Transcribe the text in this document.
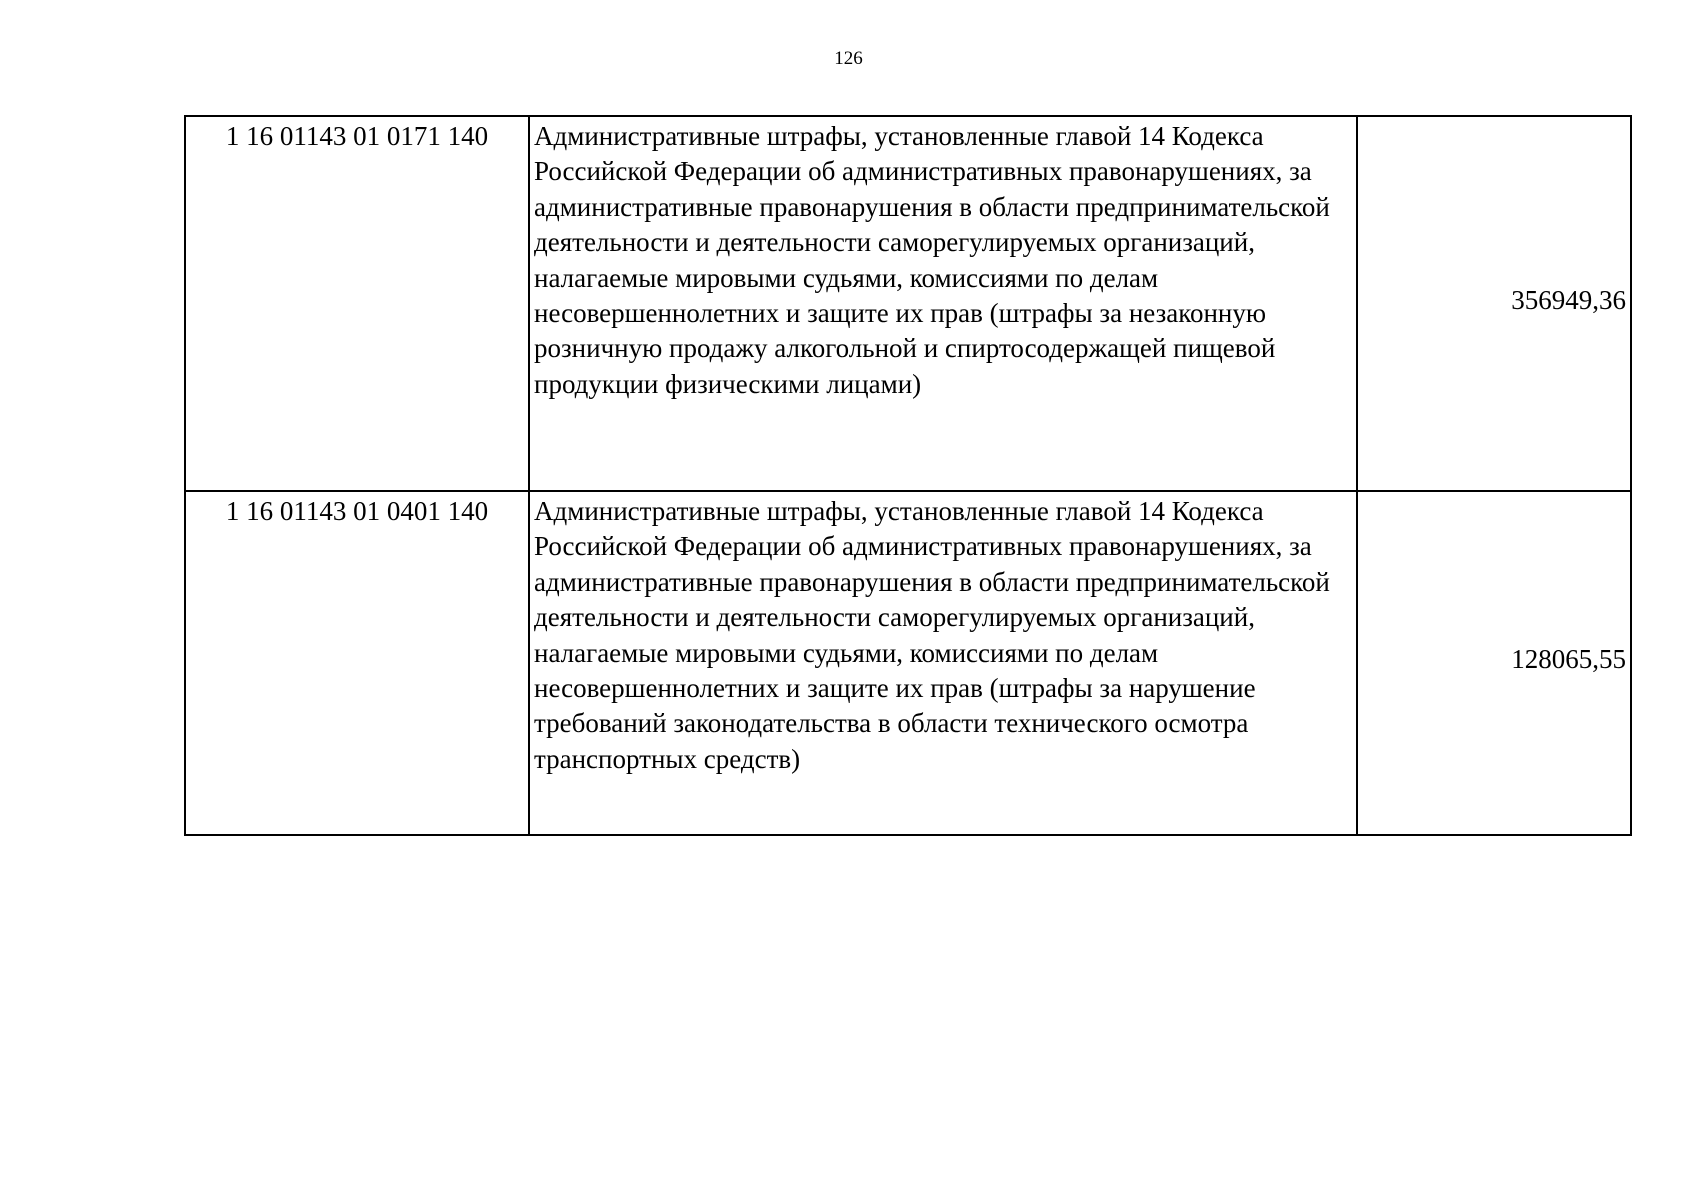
126
1 16 01143 01 0171 140	Административные штрафы, установленные главой 14 Кодекса Российской Федерации об административных правонарушениях, за административные правонарушения в области предпринимательской деятельности и деятельности саморегулируемых организаций, налагаемые мировыми судьями, комиссиями по делам несовершеннолетних и защите их прав (штрафы за незаконную розничную продажу алкогольной и спиртосодержащей пищевой продукции физическими лицами)	356949,36
1 16 01143 01 0401 140	Административные штрафы, установленные главой 14 Кодекса Российской Федерации об административных правонарушениях, за административные правонарушения в области предпринимательской деятельности и деятельности саморегулируемых организаций, налагаемые мировыми судьями, комиссиями по делам несовершеннолетних и защите их прав (штрафы за нарушение требований законодательства в области технического осмотра транспортных средств)	128065,55
